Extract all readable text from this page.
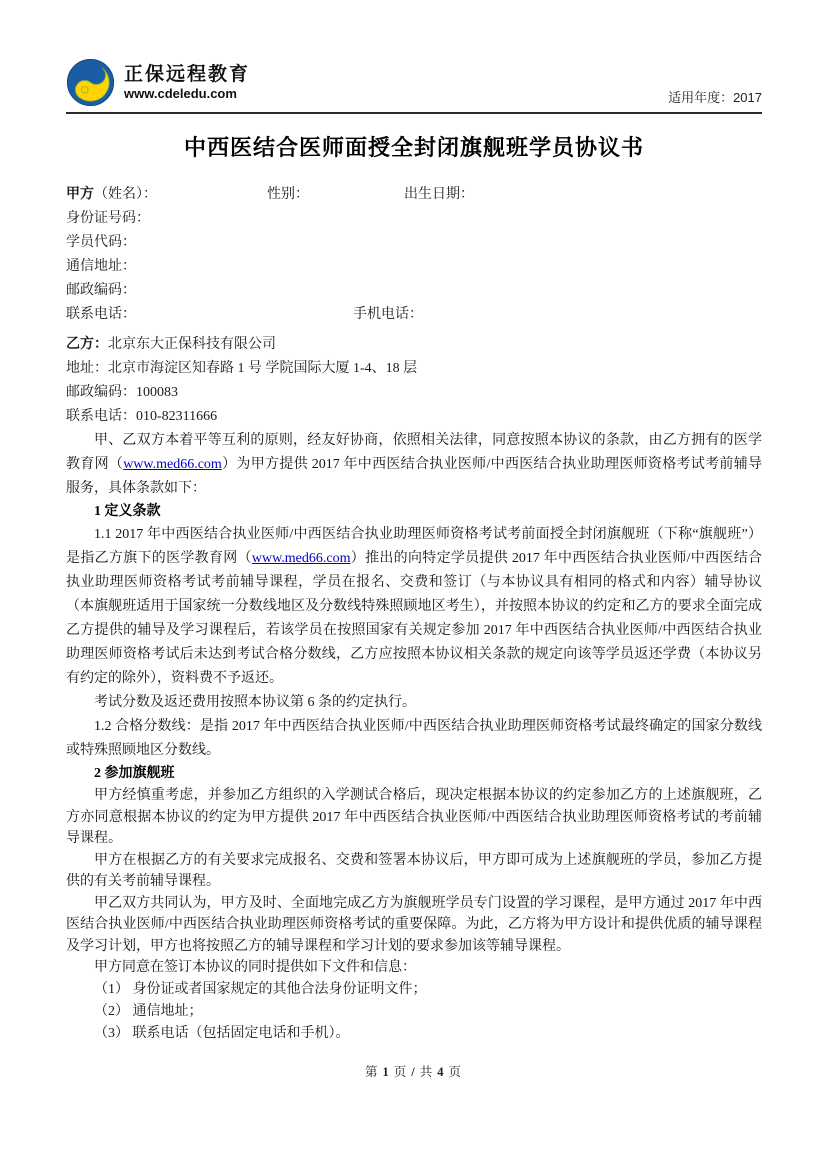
正保远程教育
www.cdeledu.com	适用年度：2017
中西医结合医师面授全封闭旗舰班学员协议书
甲方（姓名）：	性别：	出生日期：
身份证号码：
学员代码：
通信地址：
邮政编码：
联系电话：	手机电话：
乙方：北京东大正保科技有限公司
地址：北京市海淀区知春路 1 号 学院国际大厦 1-4、18 层
邮政编码：100083
联系电话：010-82311666

甲、乙双方本着平等互利的原则，经友好协商，依照相关法律，同意按照本协议的条款，由乙方拥有的医学教育网（www.med66.com）为甲方提供 2017 年中西医结合执业医师/中西医结合执业助理医师资格考试考前辅导服务，具体条款如下：

1 定义条款

1.1 2017 年中西医结合执业医师/中西医结合执业助理医师资格考试考前面授全封闭旗舰班（下称“旗舰班”）是指乙方旗下的医学教育网（www.med66.com）推出的向特定学员提供 2017 年中西医结合执业医师/中西医结合执业助理医师资格考试考前辅导课程，学员在报名、交费和签订（与本协议具有相同的格式和内容）辅导协议（本旗舰班适用于国家统一分数线地区及分数线特殊照顾地区考生），并按照本协议的约定和乙方的要求全面完成乙方提供的辅导及学习课程后，若该学员在按照国家有关规定参加 2017 年中西医结合执业医师/中西医结合执业助理医师资格考试后未达到考试合格分数线，乙方应按照本协议相关条款的规定向该等学员返还学费（本协议另有约定的除外），资料费不予返还。

考试分数及返还费用按照本协议第 6 条的约定执行。

1.2 合格分数线：是指 2017 年中西医结合执业医师/中西医结合执业助理医师资格考试最终确定的国家分数线或特殊照顾地区分数线。

2 参加旗舰班

甲方经慎重考虑，并参加乙方组织的入学测试合格后，现决定根据本协议的约定参加乙方的上述旗舰班，乙方亦同意根据本协议的约定为甲方提供 2017 年中西医结合执业医师/中西医结合执业助理医师资格考试的考前辅导课程。

甲方在根据乙方的有关要求完成报名、交费和签署本协议后，甲方即可成为上述旗舰班的学员，参加乙方提供的有关考前辅导课程。

甲乙双方共同认为，甲方及时、全面地完成乙方为旗舰班学员专门设置的学习课程，是甲方通过 2017 年中西医结合执业医师/中西医结合执业助理医师资格考试的重要保障。为此，乙方将为甲方设计和提供优质的辅导课程及学习计划，甲方也将按照乙方的辅导课程和学习计划的要求参加该等辅导课程。

甲方同意在签订本协议的同时提供如下文件和信息：

（1） 身份证或者国家规定的其他合法身份证明文件；
（2） 通信地址；
（3） 联系电话（包括固定电话和手机）。
第 1 页 / 共 4 页
